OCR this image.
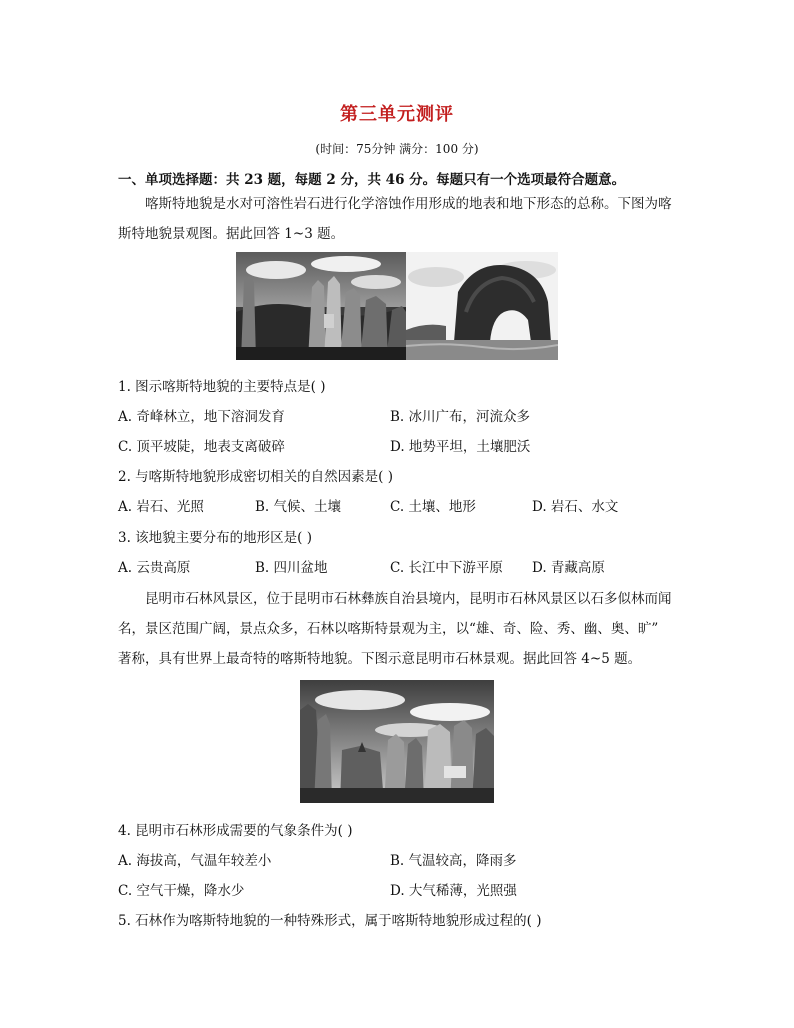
第三单元测评
(时间：75分钟 满分：100 分)
一、单项选择题：共 23 题，每题 2 分，共 46 分。每题只有一个选项最符合题意。
喀斯特地貌是水对可溶性岩石进行化学溶蚀作用形成的地表和地下形态的总称。下图为喀
斯特地貌景观图。据此回答 1~3 题。
1. 图示喀斯特地貌的主要特点是( )
A. 奇峰林立，地下溶洞发育	B. 冰川广布，河流众多
C. 顶平坡陡，地表支离破碎	D. 地势平坦，土壤肥沃
2. 与喀斯特地貌形成密切相关的自然因素是( )
A. 岩石、光照	B. 气候、土壤	C. 土壤、地形	D. 岩石、水文
3. 该地貌主要分布的地形区是( )
A. 云贵高原	B. 四川盆地	C. 长江中下游平原 D. 青藏高原
昆明市石林风景区，位于昆明市石林彝族自治县境内，昆明市石林风景区以石多似林而闻
名，景区范围广阔，景点众多，石林以喀斯特景观为主，以“雄、奇、险、秀、幽、奥、旷”
著称，具有世界上最奇特的喀斯特地貌。下图示意昆明市石林景观。据此回答 4~5 题。
4. 昆明市石林形成需要的气象条件为( )
A. 海拔高，气温年较差小	B. 气温较高，降雨多
C. 空气干燥，降水少	D. 大气稀薄，光照强
5. 石林作为喀斯特地貌的一种特殊形式，属于喀斯特地貌形成过程的( )
